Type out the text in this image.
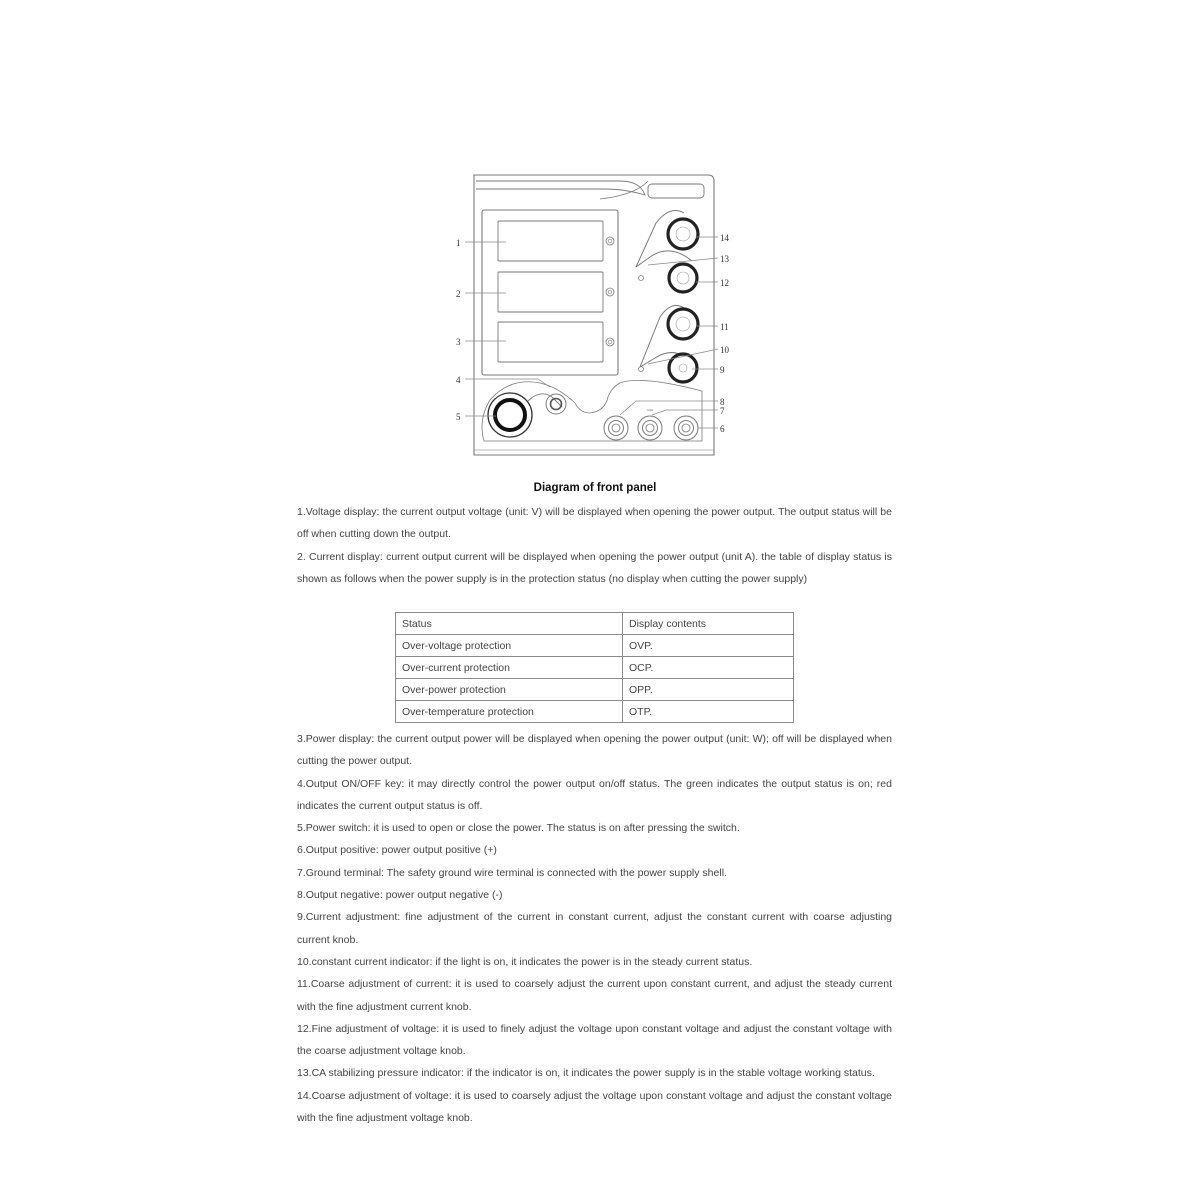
-	GND	+
1
2
3
4
5
14
13
12
11
10
9
8
7
6
Diagram of front panel

1.Voltage display: the current output voltage (unit: V) will be displayed when opening the power output. The output status will be off when cutting down the output.

2. Current display: current output current will be displayed when opening the power output (unit A). the table of display status is shown as follows when the power supply is in the protection status (no display when cutting the power supply)

Status	Display contents
Over-voltage protection	OVP.
Over-current protection	OCP.
Over-power protection	OPP.
Over-temperature protection	OTP.

3.Power display: the current output power will be displayed when opening the power output (unit: W); off will be displayed when cutting the power output.

4.Output ON/OFF key: it may directly control the power output on/off status. The green indicates the output status is on; red indicates the current output status is off.

5.Power switch: it is used to open or close the power. The status is on after pressing the switch.

6.Output positive: power output positive (+)

7.Ground terminal: The safety ground wire terminal is connected with the power supply shell.

8.Output negative: power output negative (-)

9.Current adjustment: fine adjustment of the current in constant current, adjust the constant current with coarse adjusting current knob.

10.constant current indicator: if the light is on, it indicates the power is in the steady current status.

11.Coarse adjustment of current: it is used to coarsely adjust the current upon constant current, and adjust the steady current with the fine adjustment current knob.

12.Fine adjustment of voltage: it is used to finely adjust the voltage upon constant voltage and adjust the constant voltage with the coarse adjustment voltage knob.

13.CA stabilizing pressure indicator: if the indicator is on, it indicates the power supply is in the stable voltage working status.

14.Coarse adjustment of voltage: it is used to coarsely adjust the voltage upon constant voltage and adjust the constant voltage with the fine adjustment voltage knob.
